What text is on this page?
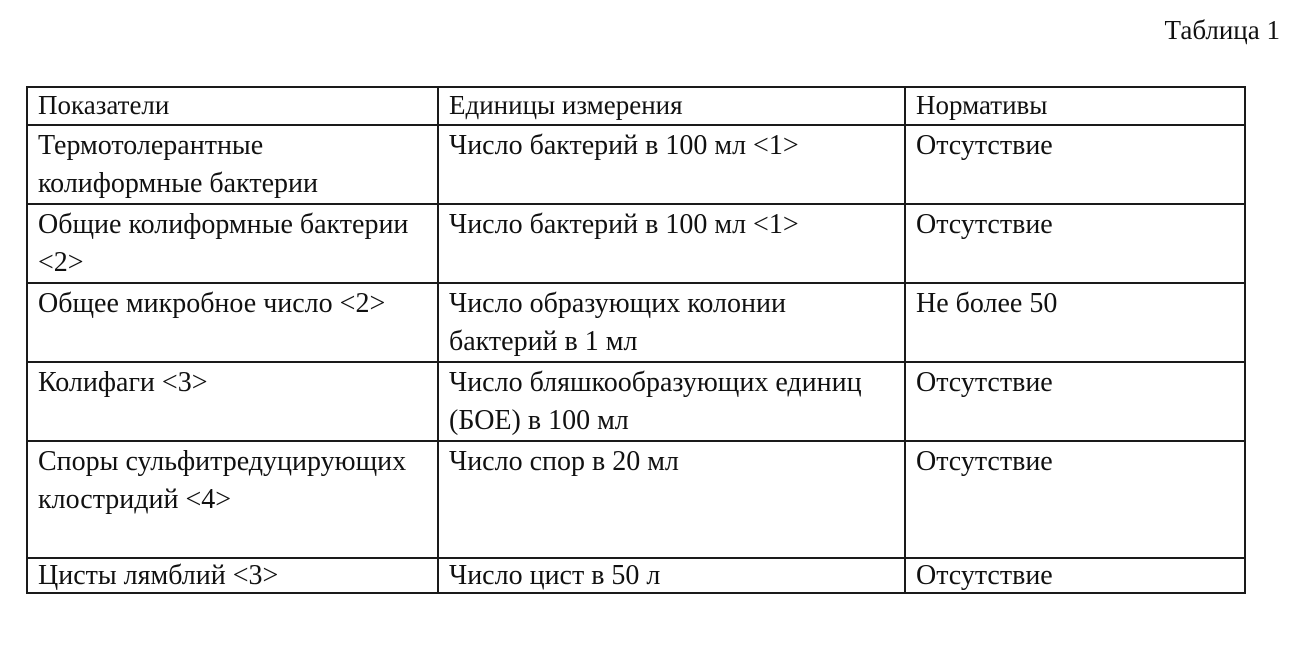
Таблица 1
Показатели	Единицы измерения	Нормативы
Термотолерантные колиформные бактерии	Число бактерий в 100 мл <1>	Отсутствие
Общие колиформные бактерии <2>	Число бактерий в 100 мл <1>	Отсутствие
Общее микробное число <2>	Число образующих колонии бактерий в 1 мл	Не более 50
Колифаги <3>	Число бляшкообразующих единиц (БОЕ) в 100 мл	Отсутствие
Споры сульфитредуцирующих клостридий <4>	Число спор в 20 мл	Отсутствие
Цисты лямблий <3>	Число цист в 50 л	Отсутствие
